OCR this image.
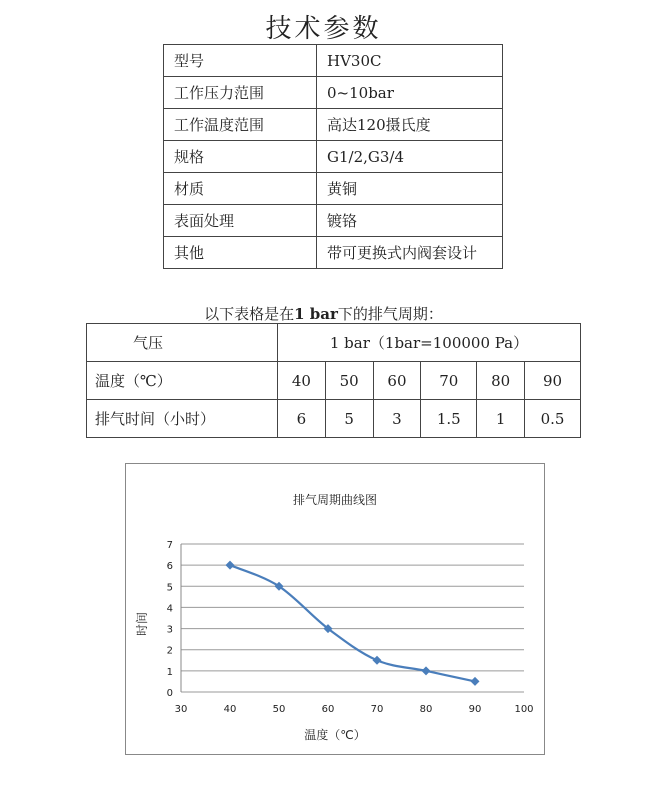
技术参数
型号	HV30C
工作压力范围	0~10bar
工作温度范围	高达120摄氏度
规格	G1/2,G3/4
材质	黄铜
表面处理	镀铬
其他	带可更换式内阀套设计
以下表格是在1 bar下的排气周期：
气压	1 bar（1bar=100000 Pa）					
温度（℃）	40	50	60	70	80	90
排气时间（小时）	6	5	3	1.5	1	0.5
排气周期曲线图
温度（℃）
时间
0
1
2
3
4
5
6
7
30	40	50	60	70	80	90	100
